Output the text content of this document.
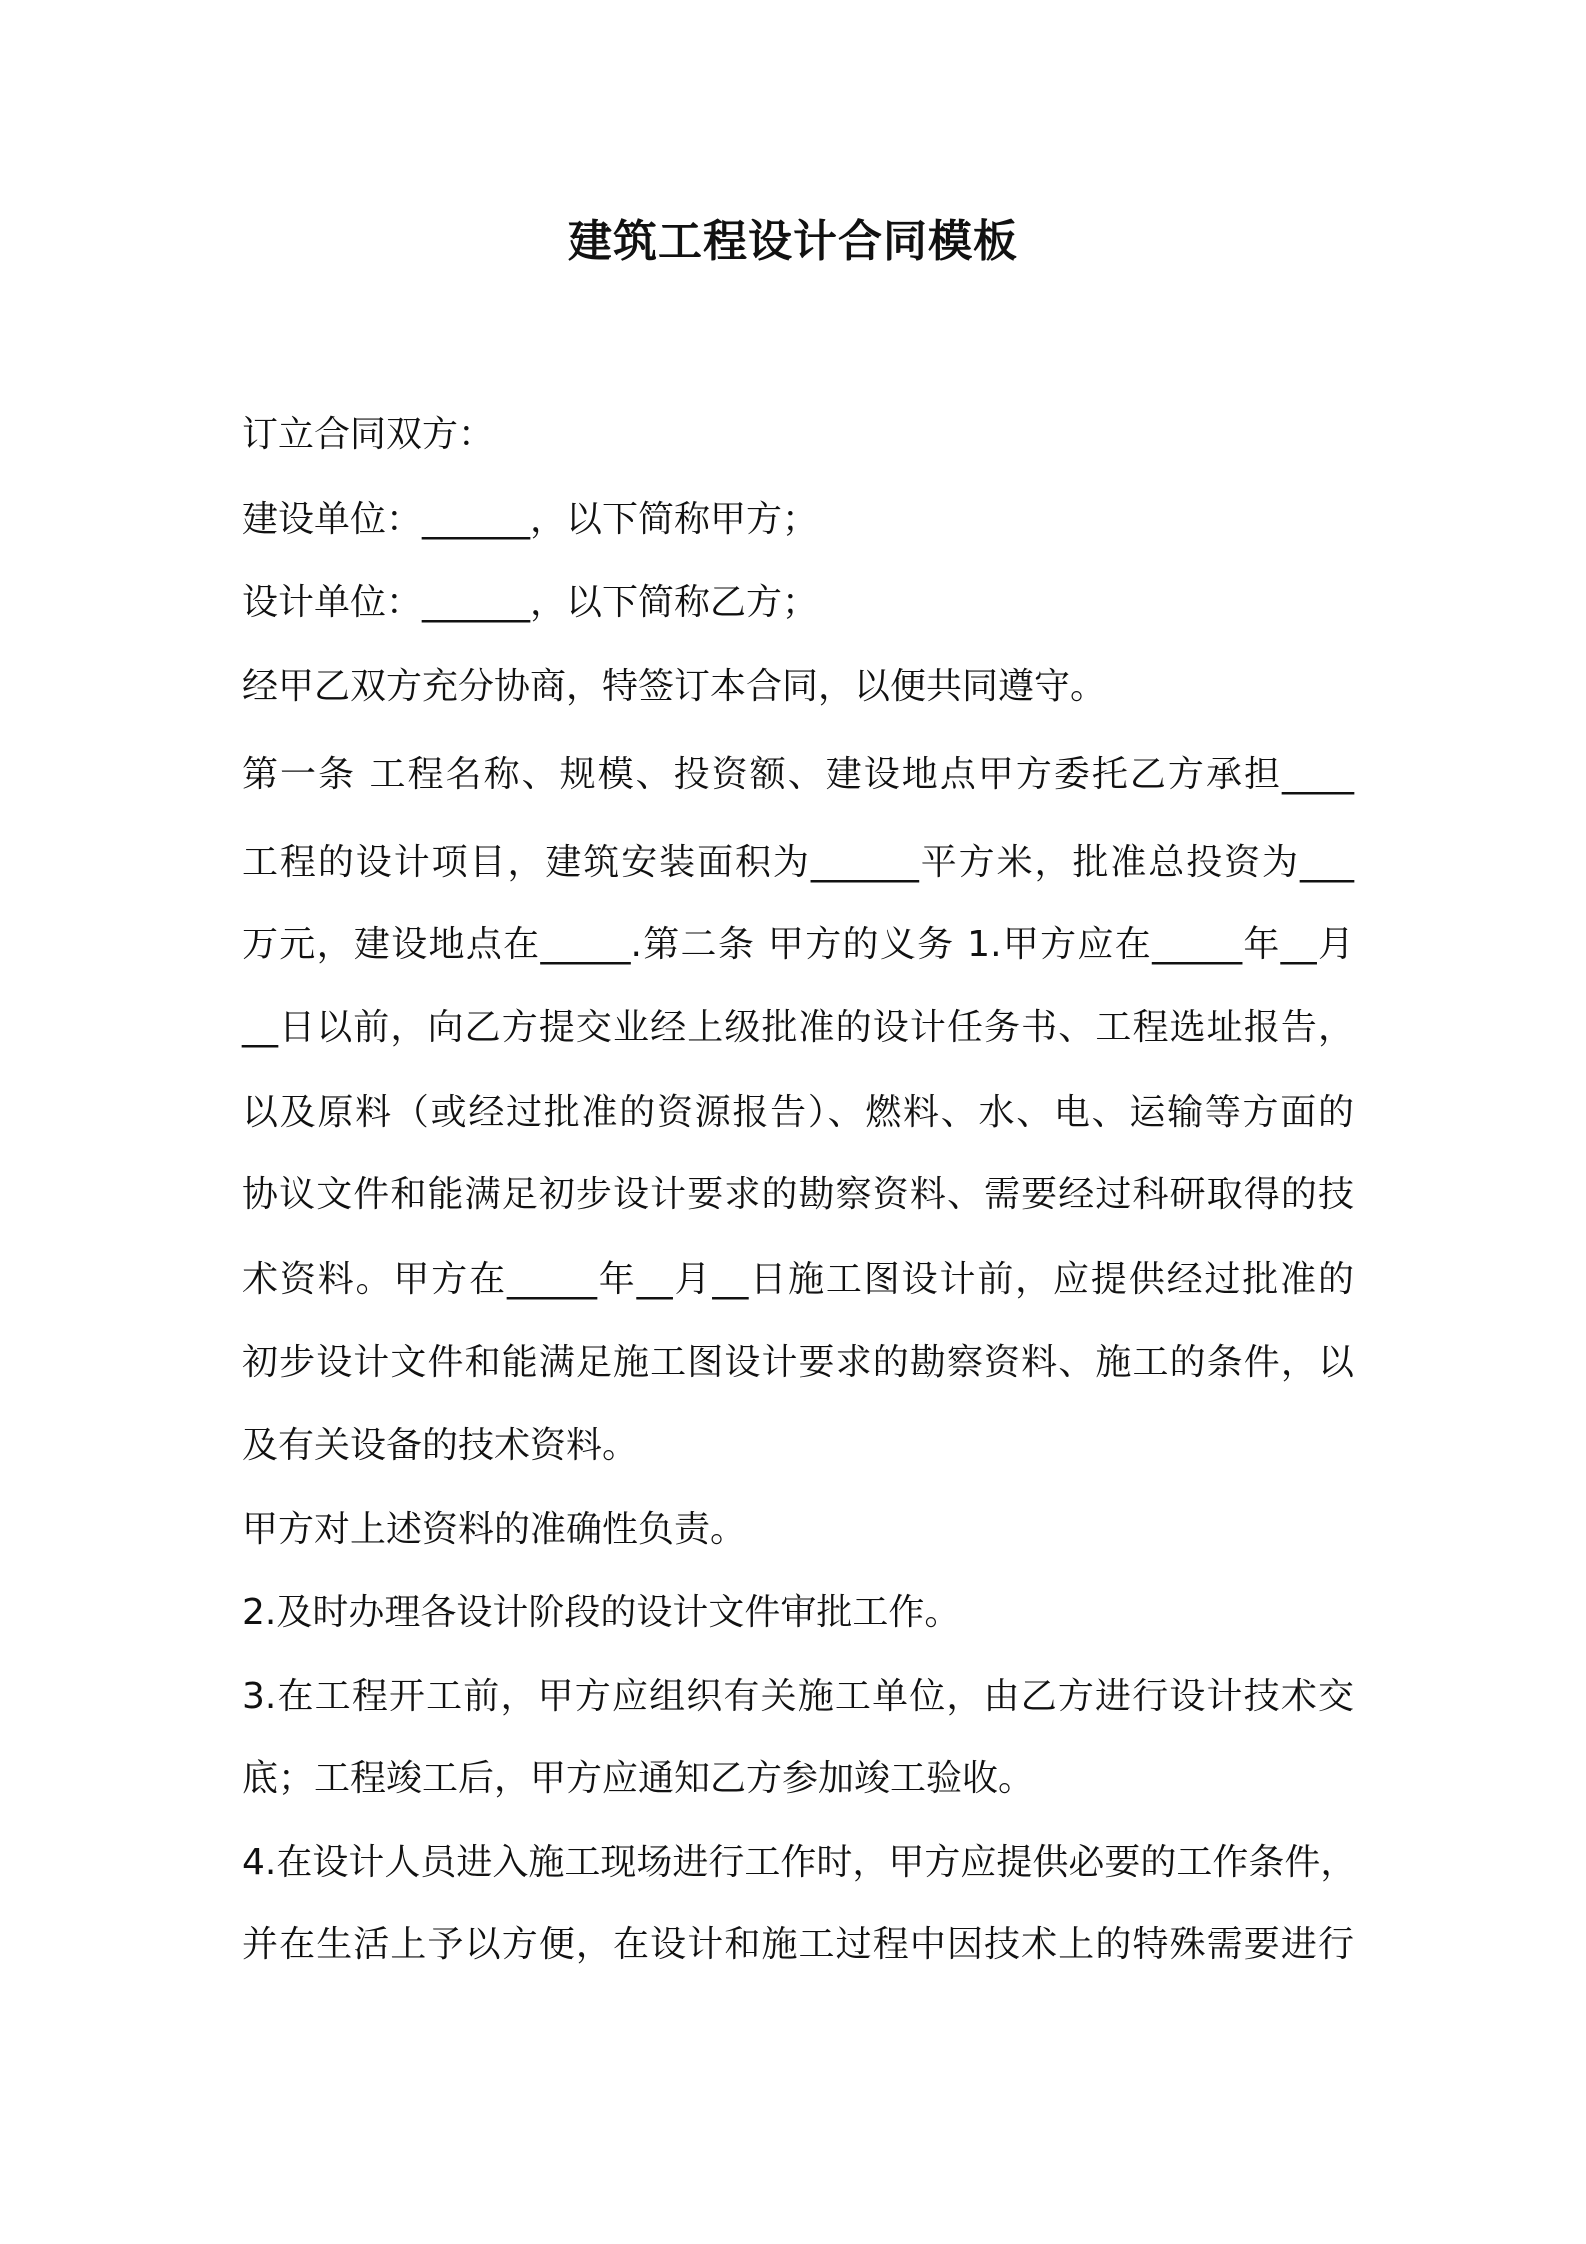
建筑工程设计合同模板

订立合同双方：

建设单位：______，以下简称甲方；

设计单位：______，以下简称乙方；

经甲乙双方充分协商，特签订本合同，以便共同遵守。

第一条 工程名称、规模、投资额、建设地点甲方委托乙方承担____

工程的设计项目，建筑安装面积为______平方米，批准总投资为___

万元，建设地点在_____.第二条 甲方的义务 1.甲方应在_____年__月

__日以前，向乙方提交业经上级批准的设计任务书、工程选址报告，

以及原料（或经过批准的资源报告）、燃料、水、电、运输等方面的

协议文件和能满足初步设计要求的勘察资料、需要经过科研取得的技

术资料。甲方在_____年__月__日施工图设计前，应提供经过批准的

初步设计文件和能满足施工图设计要求的勘察资料、施工的条件，以

及有关设备的技术资料。

甲方对上述资料的准确性负责。

2.及时办理各设计阶段的设计文件审批工作。

3.在工程开工前，甲方应组织有关施工单位，由乙方进行设计技术交

底；工程竣工后，甲方应通知乙方参加竣工验收。

4.在设计人员进入施工现场进行工作时，甲方应提供必要的工作条件，

并在生活上予以方便，在设计和施工过程中因技术上的特殊需要进行
